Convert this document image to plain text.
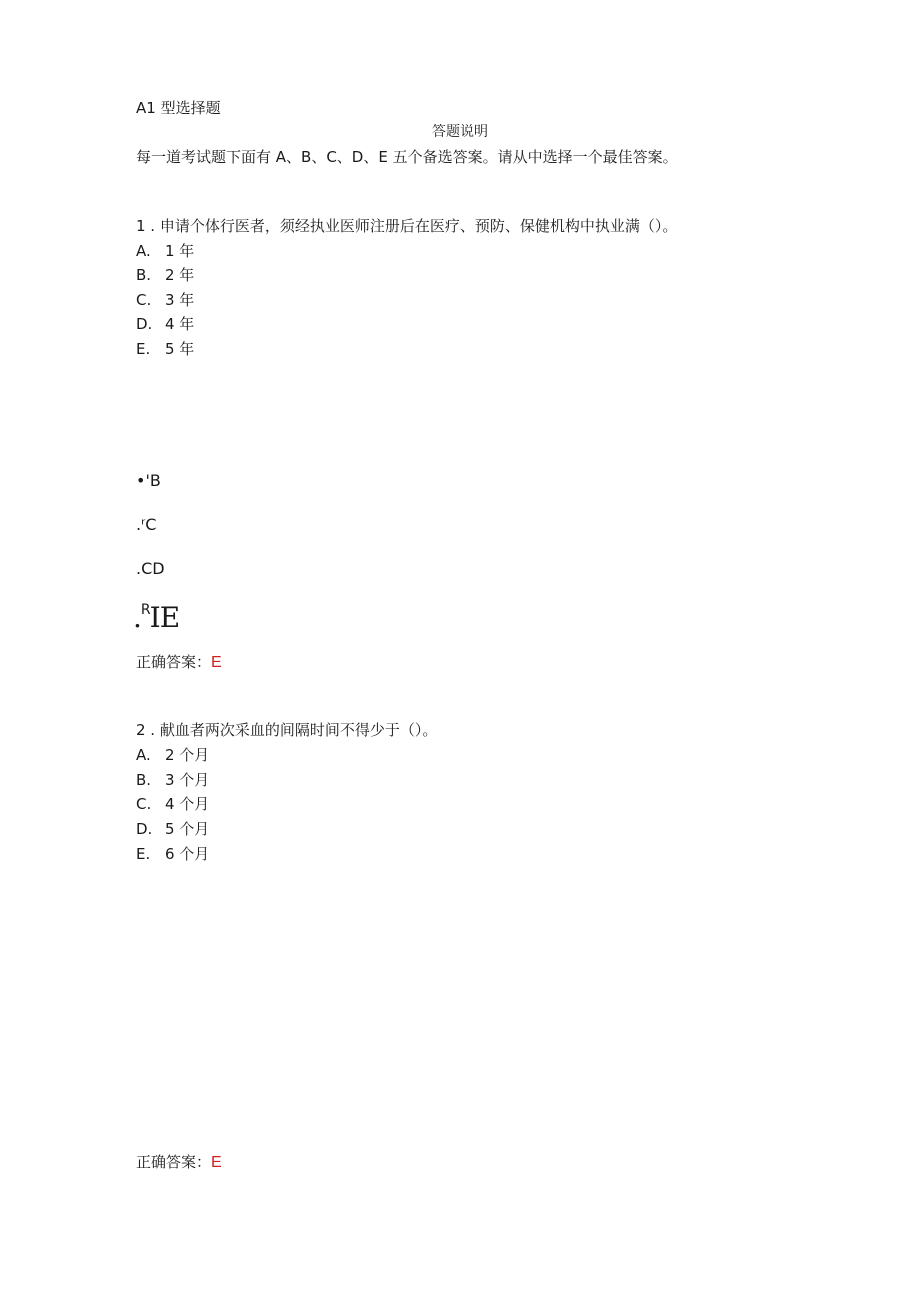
A1 型选择题
答题说明
每一道考试题下面有 A、B、C、D、E 五个备选答案。请从中选择一个最佳答案。
1 . 申请个体行医者，须经执业医师注册后在医疗、预防、保健机构中执业满（）。
A. 1 年
B. 2 年
C. 3 年
D. 4 年
E. 5 年
•'B
.ʳC
.CD
.$^R$IE
正确答案：E
2 . 献血者两次采血的间隔时间不得少于（）。
A. 2 个月
B. 3 个月
C. 4 个月
D. 5 个月
E. 6 个月
正确答案：E
